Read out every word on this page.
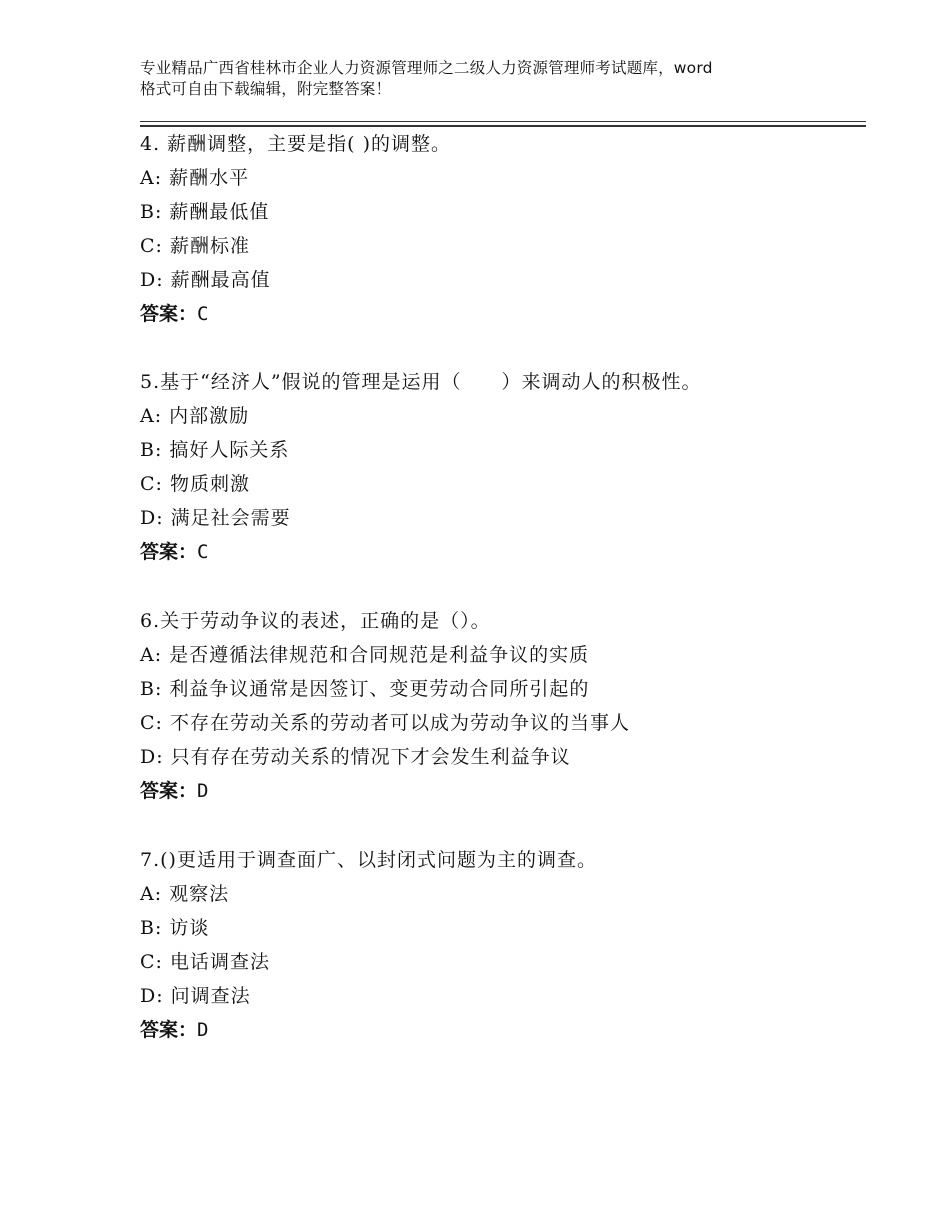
专业精品广西省桂林市企业人力资源管理师之二级人力资源管理师考试题库，word
格式可自由下载编辑，附完整答案！
4. 薪酬调整，主要是指( )的调整。
A: 薪酬水平
B: 薪酬最低值
C: 薪酬标准
D: 薪酬最高值
答案：C
5.基于“经济人”假说的管理是运用（　　）来调动人的积极性。
A: 内部激励
B: 搞好人际关系
C: 物质刺激
D: 满足社会需要
答案：C
6.关于劳动争议的表述，正确的是（）。
A: 是否遵循法律规范和合同规范是利益争议的实质
B: 利益争议通常是因签订、变更劳动合同所引起的
C: 不存在劳动关系的劳动者可以成为劳动争议的当事人
D: 只有存在劳动关系的情况下才会发生利益争议
答案：D
7.()更适用于调查面广、以封闭式问题为主的调查。
A: 观察法
B: 访谈
C: 电话调查法
D: 问调查法
答案：D
